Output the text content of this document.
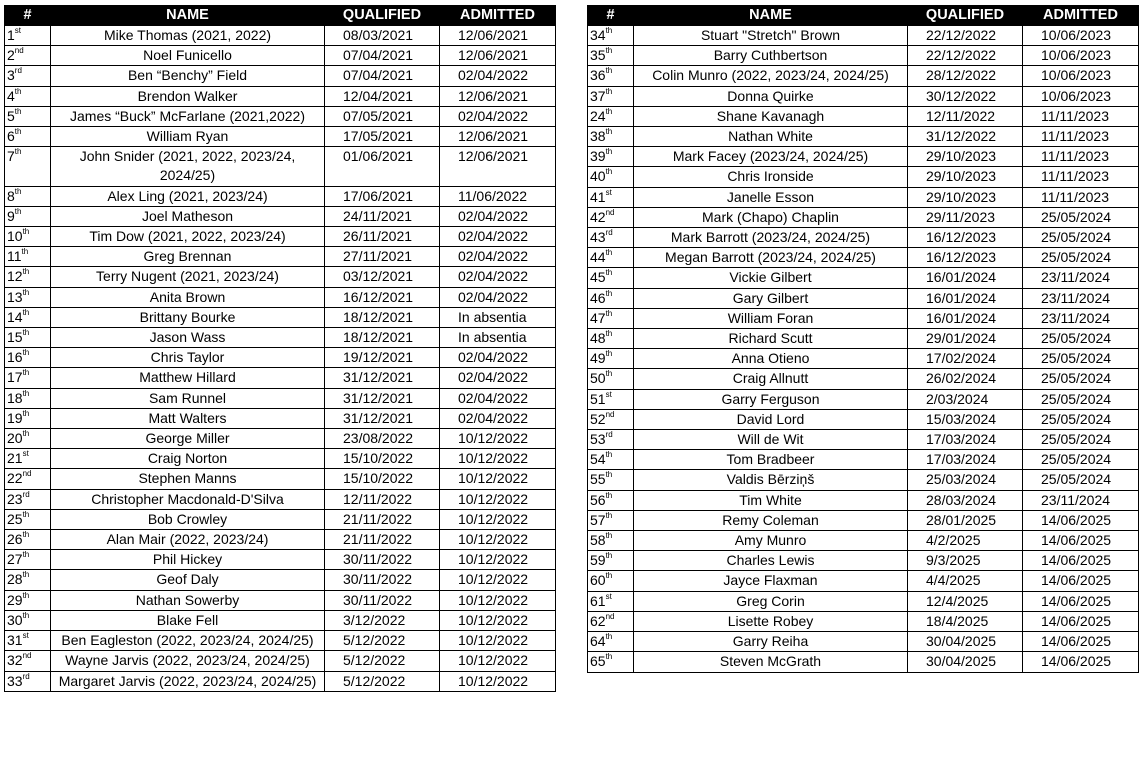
#	NAME	QUALIFIED	ADMITTED
1st	Mike Thomas (2021, 2022)	08/03/2021	12/06/2021
2nd	Noel Funicello	07/04/2021	12/06/2021
3rd	Ben “Benchy” Field	07/04/2021	02/04/2022
4th	Brendon Walker	12/04/2021	12/06/2021
5th	James “Buck” McFarlane (2021,2022)	07/05/2021	02/04/2022
6th	William Ryan	17/05/2021	12/06/2021
7th	John Snider (2021, 2022, 2023/24, 2024/25)	01/06/2021	12/06/2021
8th	Alex Ling (2021, 2023/24)	17/06/2021	11/06/2022
9th	Joel Matheson	24/11/2021	02/04/2022
10th	Tim Dow (2021, 2022, 2023/24)	26/11/2021	02/04/2022
11th	Greg Brennan	27/11/2021	02/04/2022
12th	Terry Nugent (2021, 2023/24)	03/12/2021	02/04/2022
13th	Anita Brown	16/12/2021	02/04/2022
14th	Brittany Bourke	18/12/2021	In absentia
15th	Jason Wass	18/12/2021	In absentia
16th	Chris Taylor	19/12/2021	02/04/2022
17th	Matthew Hillard	31/12/2021	02/04/2022
18th	Sam Runnel	31/12/2021	02/04/2022
19th	Matt Walters	31/12/2021	02/04/2022
20th	George Miller	23/08/2022	10/12/2022
21st	Craig Norton	15/10/2022	10/12/2022
22nd	Stephen Manns	15/10/2022	10/12/2022
23rd	Christopher Macdonald-D'Silva	12/11/2022	10/12/2022
25th	Bob Crowley	21/11/2022	10/12/2022
26th	Alan Mair (2022, 2023/24)	21/11/2022	10/12/2022
27th	Phil Hickey	30/11/2022	10/12/2022
28th	Geof Daly	30/11/2022	10/12/2022
29th	Nathan Sowerby	30/11/2022	10/12/2022
30th	Blake Fell	3/12/2022	10/12/2022
31st	Ben Eagleston (2022, 2023/24, 2024/25)	5/12/2022	10/12/2022
32nd	Wayne Jarvis (2022, 2023/24, 2024/25)	5/12/2022	10/12/2022
33rd	Margaret Jarvis (2022, 2023/24, 2024/25)	5/12/2022	10/12/2022
#	NAME	QUALIFIED	ADMITTED
34th	Stuart "Stretch" Brown	22/12/2022	10/06/2023
35th	Barry Cuthbertson	22/12/2022	10/06/2023
36th	Colin Munro (2022, 2023/24, 2024/25)	28/12/2022	10/06/2023
37th	Donna Quirke	30/12/2022	10/06/2023
24th	Shane Kavanagh	12/11/2022	11/11/2023
38th	Nathan White	31/12/2022	11/11/2023
39th	Mark Facey (2023/24, 2024/25)	29/10/2023	11/11/2023
40th	Chris Ironside	29/10/2023	11/11/2023
41st	Janelle Esson	29/10/2023	11/11/2023
42nd	Mark (Chapo) Chaplin	29/11/2023	25/05/2024
43rd	Mark Barrott (2023/24, 2024/25)	16/12/2023	25/05/2024
44th	Megan Barrott (2023/24, 2024/25)	16/12/2023	25/05/2024
45th	Vickie Gilbert	16/01/2024	23/11/2024
46th	Gary Gilbert	16/01/2024	23/11/2024
47th	William Foran	16/01/2024	23/11/2024
48th	Richard Scutt	29/01/2024	25/05/2024
49th	Anna Otieno	17/02/2024	25/05/2024
50th	Craig Allnutt	26/02/2024	25/05/2024
51st	Garry Ferguson	2/03/2024	25/05/2024
52nd	David Lord	15/03/2024	25/05/2024
53rd	Will de Wit	17/03/2024	25/05/2024
54th	Tom Bradbeer	17/03/2024	25/05/2024
55th	Valdis Bērziņš	25/03/2024	25/05/2024
56th	Tim White	28/03/2024	23/11/2024
57th	Remy Coleman	28/01/2025	14/06/2025
58th	Amy Munro	4/2/2025	14/06/2025
59th	Charles Lewis	9/3/2025	14/06/2025
60th	Jayce Flaxman	4/4/2025	14/06/2025
61st	Greg Corin	12/4/2025	14/06/2025
62nd	Lisette Robey	18/4/2025	14/06/2025
64th	Garry Reiha	30/04/2025	14/06/2025
65th	Steven McGrath	30/04/2025	14/06/2025
